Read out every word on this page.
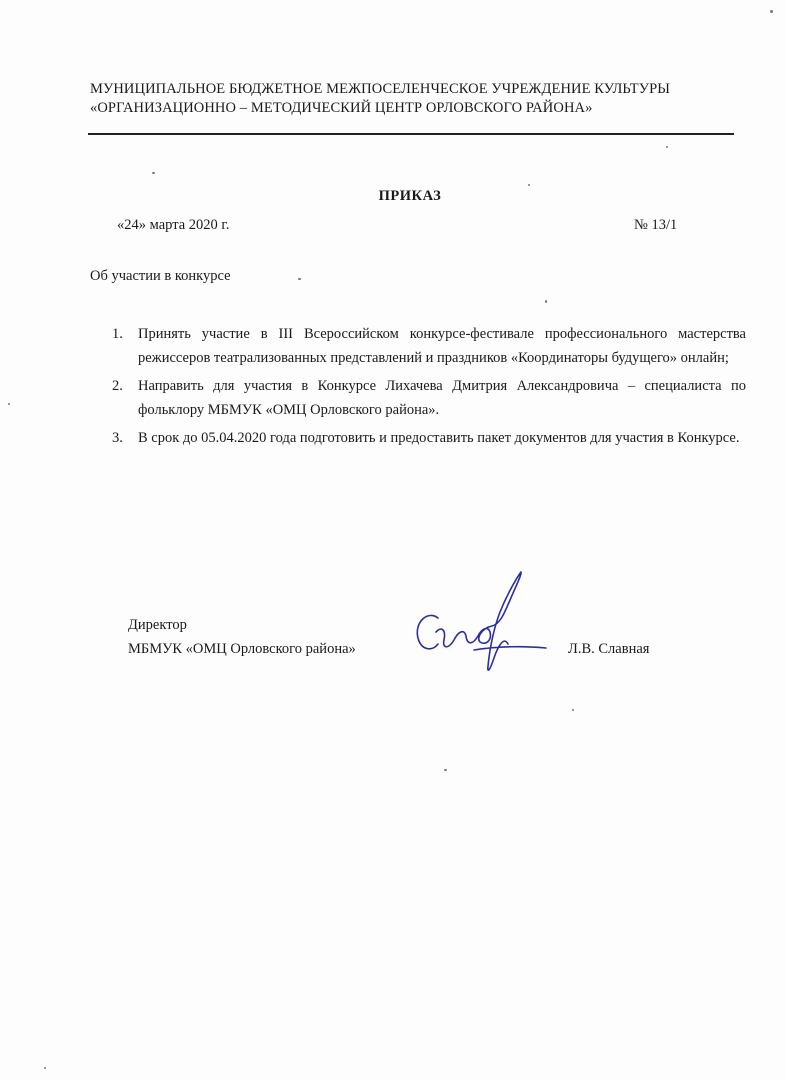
МУНИЦИПАЛЬНОЕ БЮДЖЕТНОЕ МЕЖПОСЕЛЕНЧЕСКОЕ УЧРЕЖДЕНИЕ КУЛЬТУРЫ
«ОРГАНИЗАЦИОННО – МЕТОДИЧЕСКИЙ ЦЕНТР ОРЛОВСКОГО РАЙОНА»
ПРИКАЗ
«24» марта 2020 г.	№ 13/1
Об участии в конкурсе
1. Принять участие в III Всероссийском конкурсе-фестивале профессионального мастерства режиссеров театрализованных представлений и праздников «Координаторы будущего» онлайн;
2. Направить для участия в Конкурсе Лихачева Дмитрия Александровича – специалиста по фольклору МБМУК «ОМЦ Орловского района».
3. В срок до 05.04.2020 года подготовить и предоставить пакет документов для участия в Конкурсе.
Директор
МБМУК «ОМЦ Орловского района»	Л.В. Славная
